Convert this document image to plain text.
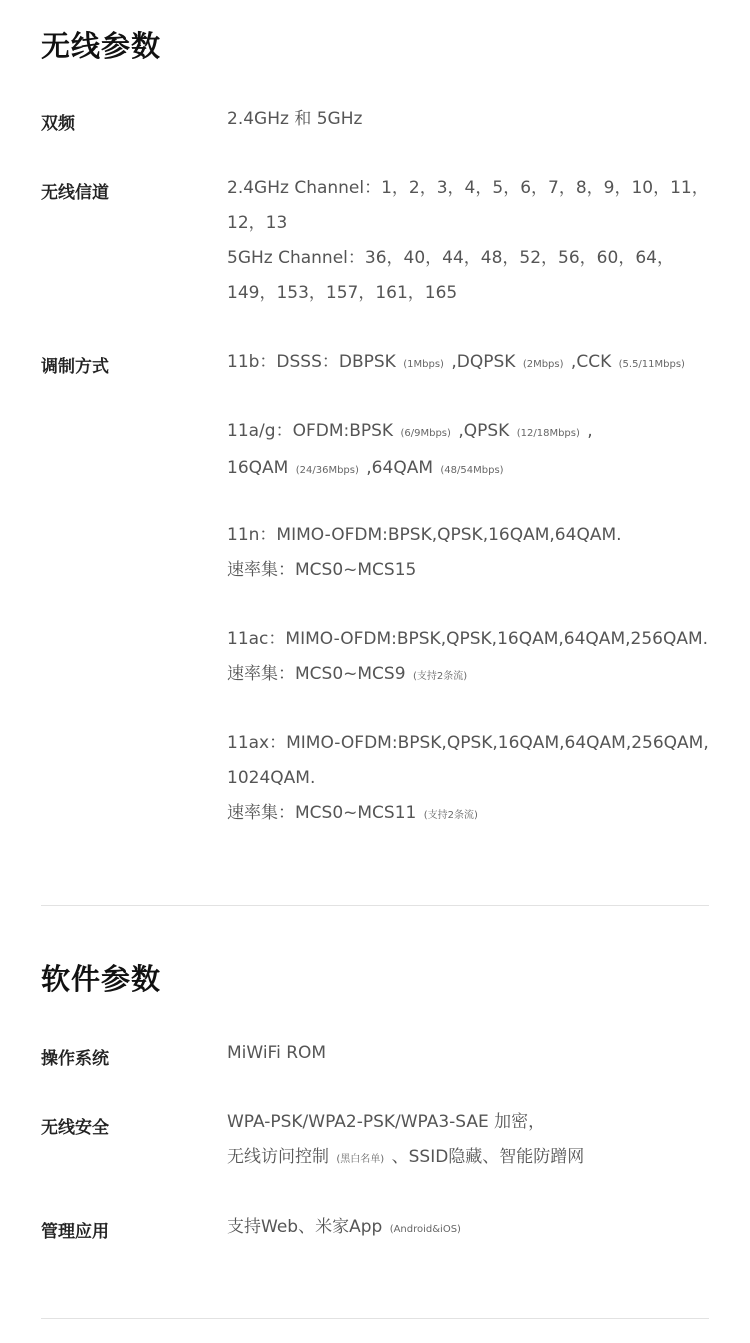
无线参数
双频	2.4GHz 和 5GHz
无线信道	2.4GHz Channel：1，2，3，4，5，6，7，8，9，10，11，
12，13
5GHz Channel：36，40，44，48，52，56，60，64，
149，153，157，161，165
调制方式	11b：DSSS：DBPSK (1Mbps) ,DQPSK (2Mbps) ,CCK (5.5/11Mbps)
11a/g：OFDM:BPSK (6/9Mbps) ,QPSK (12/18Mbps) ,
16QAM (24/36Mbps) ,64QAM (48/54Mbps)
11n：MIMO-OFDM:BPSK,QPSK,16QAM,64QAM.
速率集：MCS0~MCS15
11ac：MIMO-OFDM:BPSK,QPSK,16QAM,64QAM,256QAM.
速率集：MCS0~MCS9 (支持2条流)
11ax：MIMO-OFDM:BPSK,QPSK,16QAM,64QAM,256QAM,
1024QAM.
速率集：MCS0~MCS11 (支持2条流)
软件参数
操作系统	MiWiFi ROM
无线安全	WPA-PSK/WPA2-PSK/WPA3-SAE 加密，
无线访问控制 (黑白名单) 、SSID隐藏、智能防蹭网
管理应用	支持Web、米家App (Android&iOS)
